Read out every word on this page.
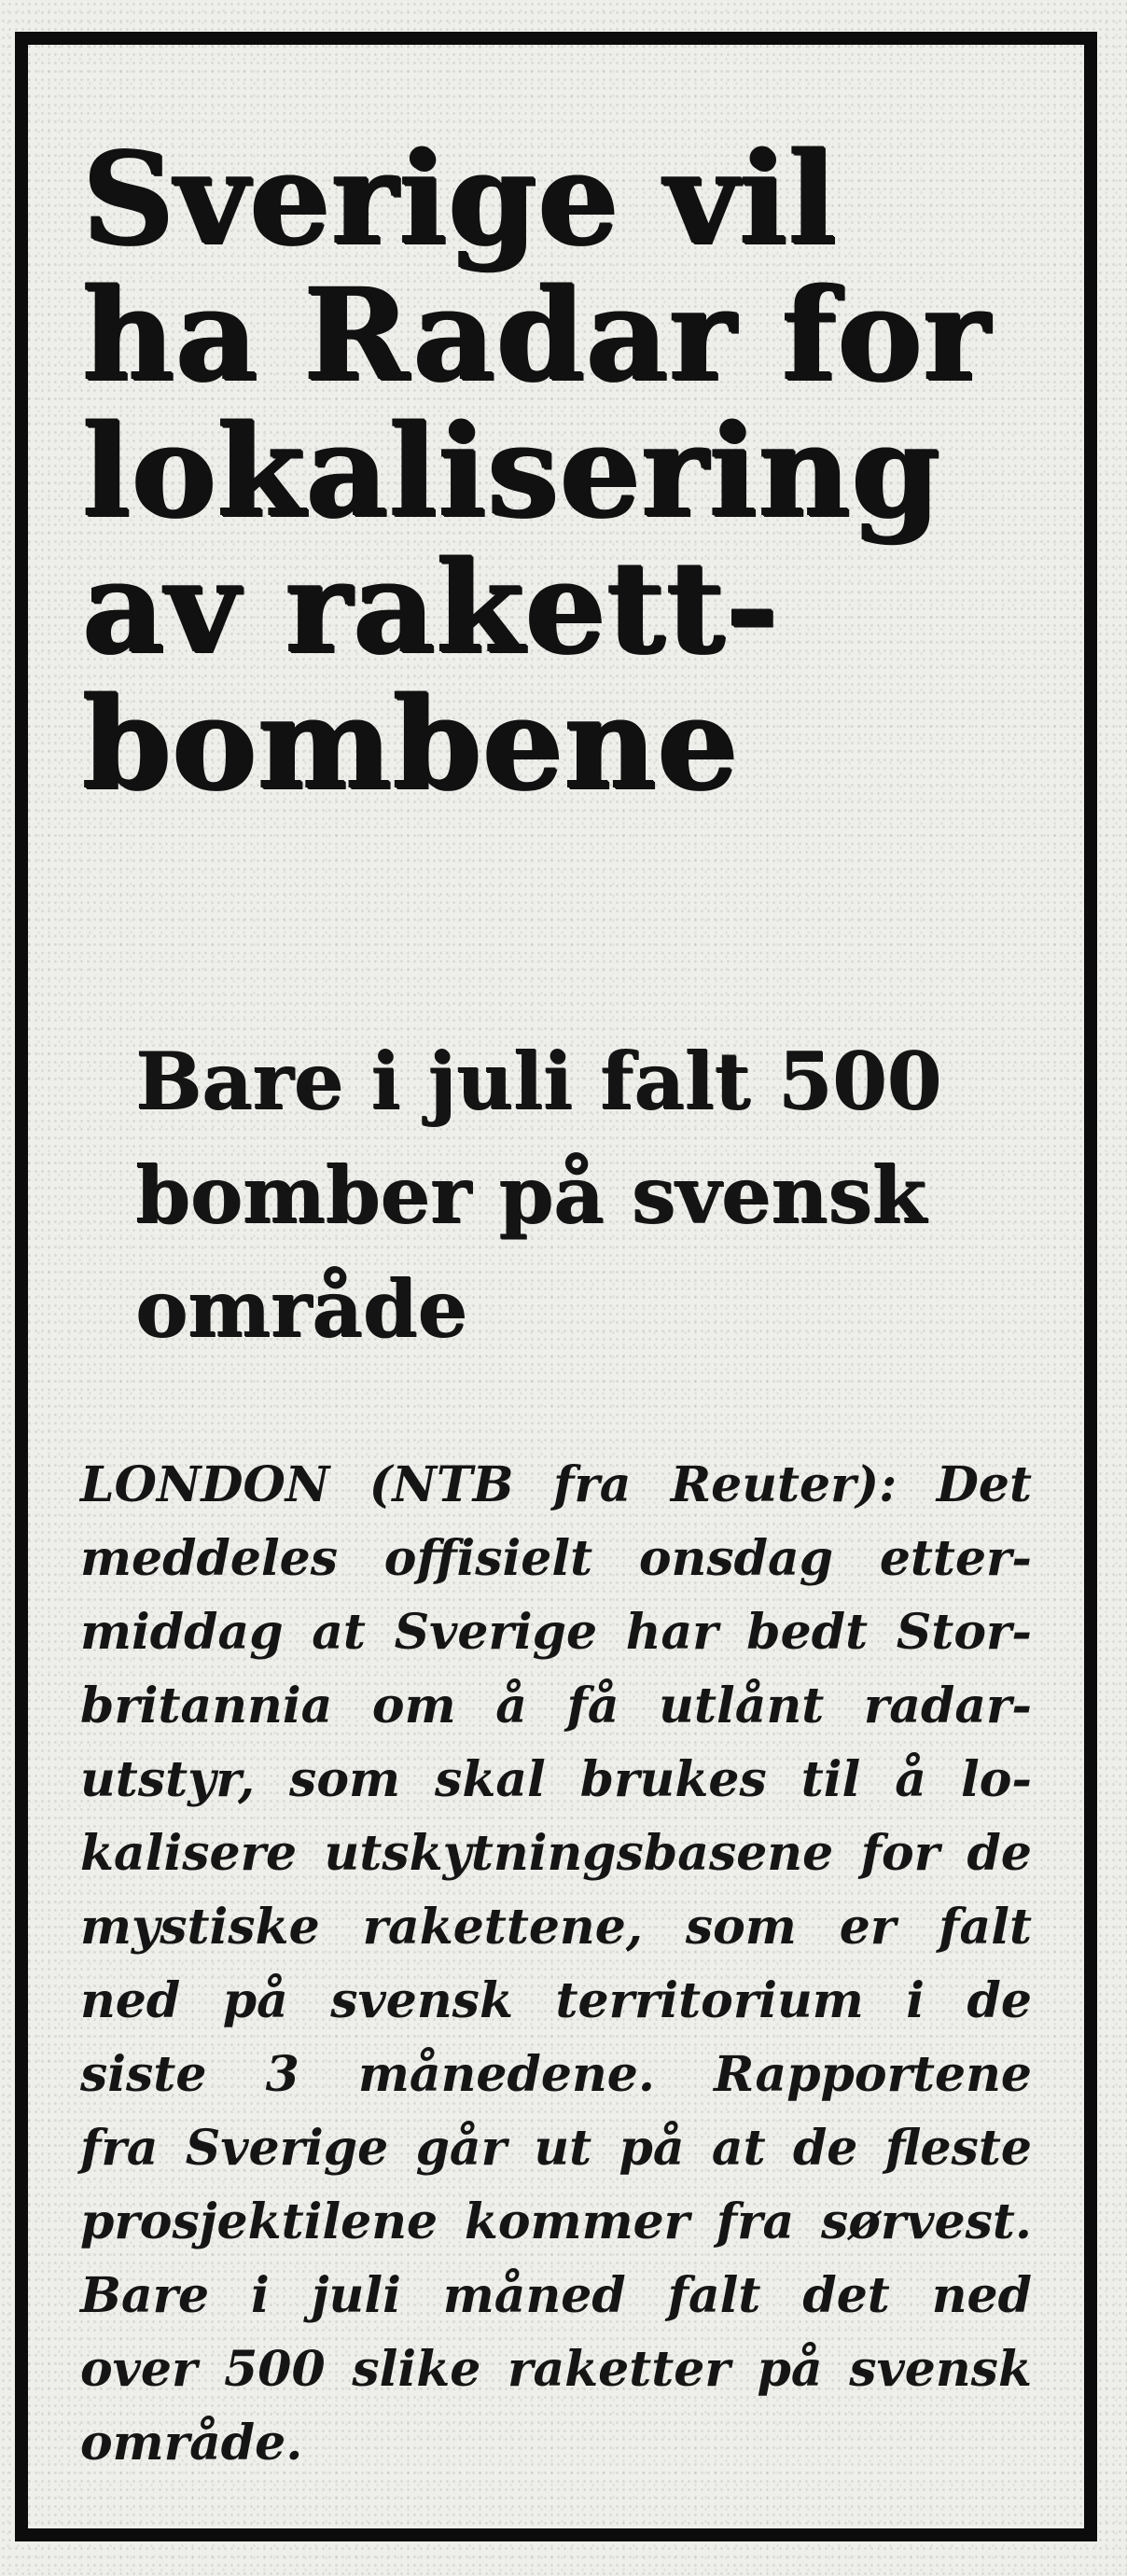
Sverige vil
ha Radar for
lokalisering
av rakett-
bombene
Bare i juli falt 500
bomber på svensk
område
LONDON (NTB fra Reuter): Det
meddeles offisielt onsdag etter-
middag at Sverige har bedt Stor-
britannia om å få utlånt radar-
utstyr, som skal brukes til å lo-
kalisere utskytningsbasene for de
mystiske rakettene, som er falt
ned på svensk territorium i de
siste 3 månedene. Rapportene
fra Sverige går ut på at de fleste
prosjektilene kommer fra sørvest.
Bare i juli måned falt det ned
over 500 slike raketter på svensk
område.
